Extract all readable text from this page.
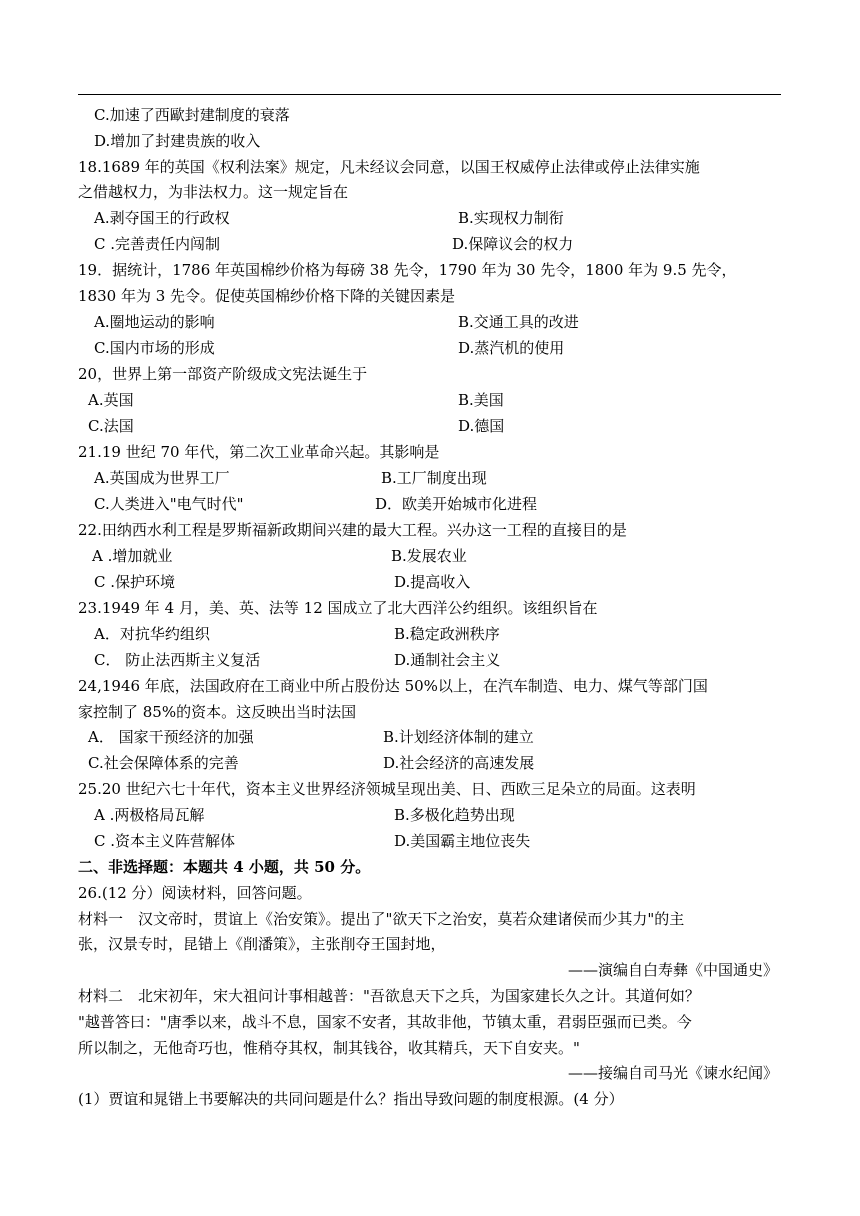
C.加速了西歐封建制度的衰落
D.增加了封建贵族的收入
18.1689 年的英国《权利法案》规定，凡未经议会同意，以国王权威停止法律或停止法律实施
之借越权力，为非法权力。这一规定旨在
A.剥夺国王的行政权	B.实现权力制衔
C .完善责任内闯制	D.保障议会的权力
19．据统计，1786 年英国棉纱价格为每磅 38 先令，1790 年为 30 先令，1800 年为 9.5 先令，
1830 年为 3 先令。促使英国棉纱价格下降的关键因素是
A.圈地运动的影响	B.交通工具的改进
C.国内市场的形成	D.蒸汽机的使用
20，世界上第一部资产阶级成文宪法诞生于
A.英国	B.美国
C.法国	D.德国
21.19 世纪 70 年代，第二次工业革命兴起。其影响是
A.英国成为世界工厂	B.工厂制度出现
C.人类进入"电气时代"	D．欧美开始城市化进程
22.田纳西水利工程是罗斯福新政期间兴建的最大工程。兴办这一工程的直接目的是
A .增加就业	B.发展农业
C .保护环境	D.提高收入
23.1949 年 4 月，美、英、法等 12 国成立了北大西洋公约组织。该组织旨在
A．对抗华约组织	B.稳定政洲秩序
C． 防止法西斯主义复活	D.通制社会主义
24,1946 年底，法国政府在工商业中所占股份达 50%以上，在汽车制造、电力、煤气等部门国
家控制了 85%的资本。这反映出当时法国
A． 国家干预经济的加强	B.计划经济体制的建立
C.社会保障体系的完善	D.社会经济的高速发展
25.20 世纪六七十年代，资本主义世界经济领城呈现出美、日、西欧三足朵立的局面。这表明
A .两极格局瓦解	B.多极化趋势出现
C .资本主义阵营解体	D.美国霸主地位丧失
二、非选择题：本题共 4 小题，共 50 分。
26.(12 分）阅读材料，回答问题。
材料一　汉文帝时，贯谊上《治安策》。提出了"欲天下之治安，莫若众建诸侯而少其力"的主
张，汉景专时，昆错上《削潘策》，主张削夺王国封地，
——演编自白寿彝《中国通史》
材料二　北宋初年，宋大祖问计事相越普："吾欲息天下之兵，为国家建长久之计。其道何如？
"越普答曰："唐季以来，战斗不息，国家不安者，其故非他，节镇太重，君弱臣强而已类。今
所以制之，无他奇巧也，惟稍夺其权，制其钱谷，收其精兵，天下自安夹。"
——接编自司马光《谏水纪闻》
(1）贾谊和晁错上书要解决的共同问题是什么？指出导致问题的制度根源。(4 分）
